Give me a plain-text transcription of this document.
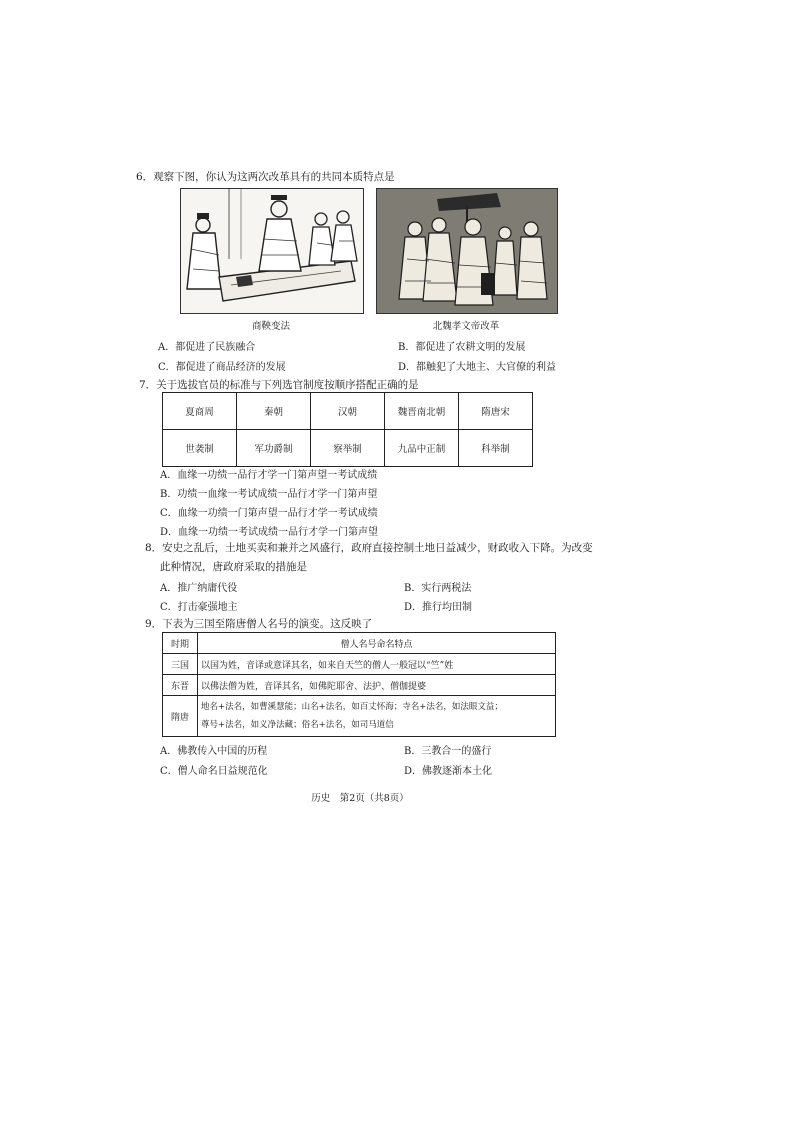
6．观察下图，你认为这两次改革具有的共同本质特点是
商鞅变法	北魏孝文帝改革
A．都促进了民族融合	B．都促进了农耕文明的发展
C．都促进了商品经济的发展	D．都触犯了大地主、大官僚的利益
7．关于选拔官员的标准与下列选官制度按顺序搭配正确的是
夏商周	秦朝	汉朝	魏晋南北朝	隋唐宋
世袭制	军功爵制	察举制	九品中正制	科举制
A．血缘一功绩一品行才学一门第声望一考试成绩
B．功绩一血缘一考试成绩一品行才学一门第声望
C．血缘一功绩一门第声望一品行才学一考试成绩
D．血缘一功绩一考试成绩一品行才学一门第声望
8．安史之乱后，土地买卖和兼并之风盛行，政府直接控制土地日益减少，财政收入下降。为改变
此种情况，唐政府采取的措施是
A．推广纳庸代役	B．实行两税法
C．打击豪强地主	D．推行均田制
9．下表为三国至隋唐僧人名号的演变。这反映了
时期	僧人名号命名特点
三国	以国为姓，音译或意译其名，如来自天竺的僧人一般冠以“竺”姓
东晋	以佛法僧为姓，音译其名，如佛陀耶舍、法护、僧伽提婆
隋唐	地名+法名，如曹溪慧能；山名+法名，如百丈怀海；寺名+法名，如法眼文益；
尊号+法名，如义净法藏；俗名+法名，如司马道信
A．佛教传入中国的历程	B．三教合一的盛行
C．僧人命名日益规范化	D．佛教逐渐本土化
历史　第2页（共8页）
